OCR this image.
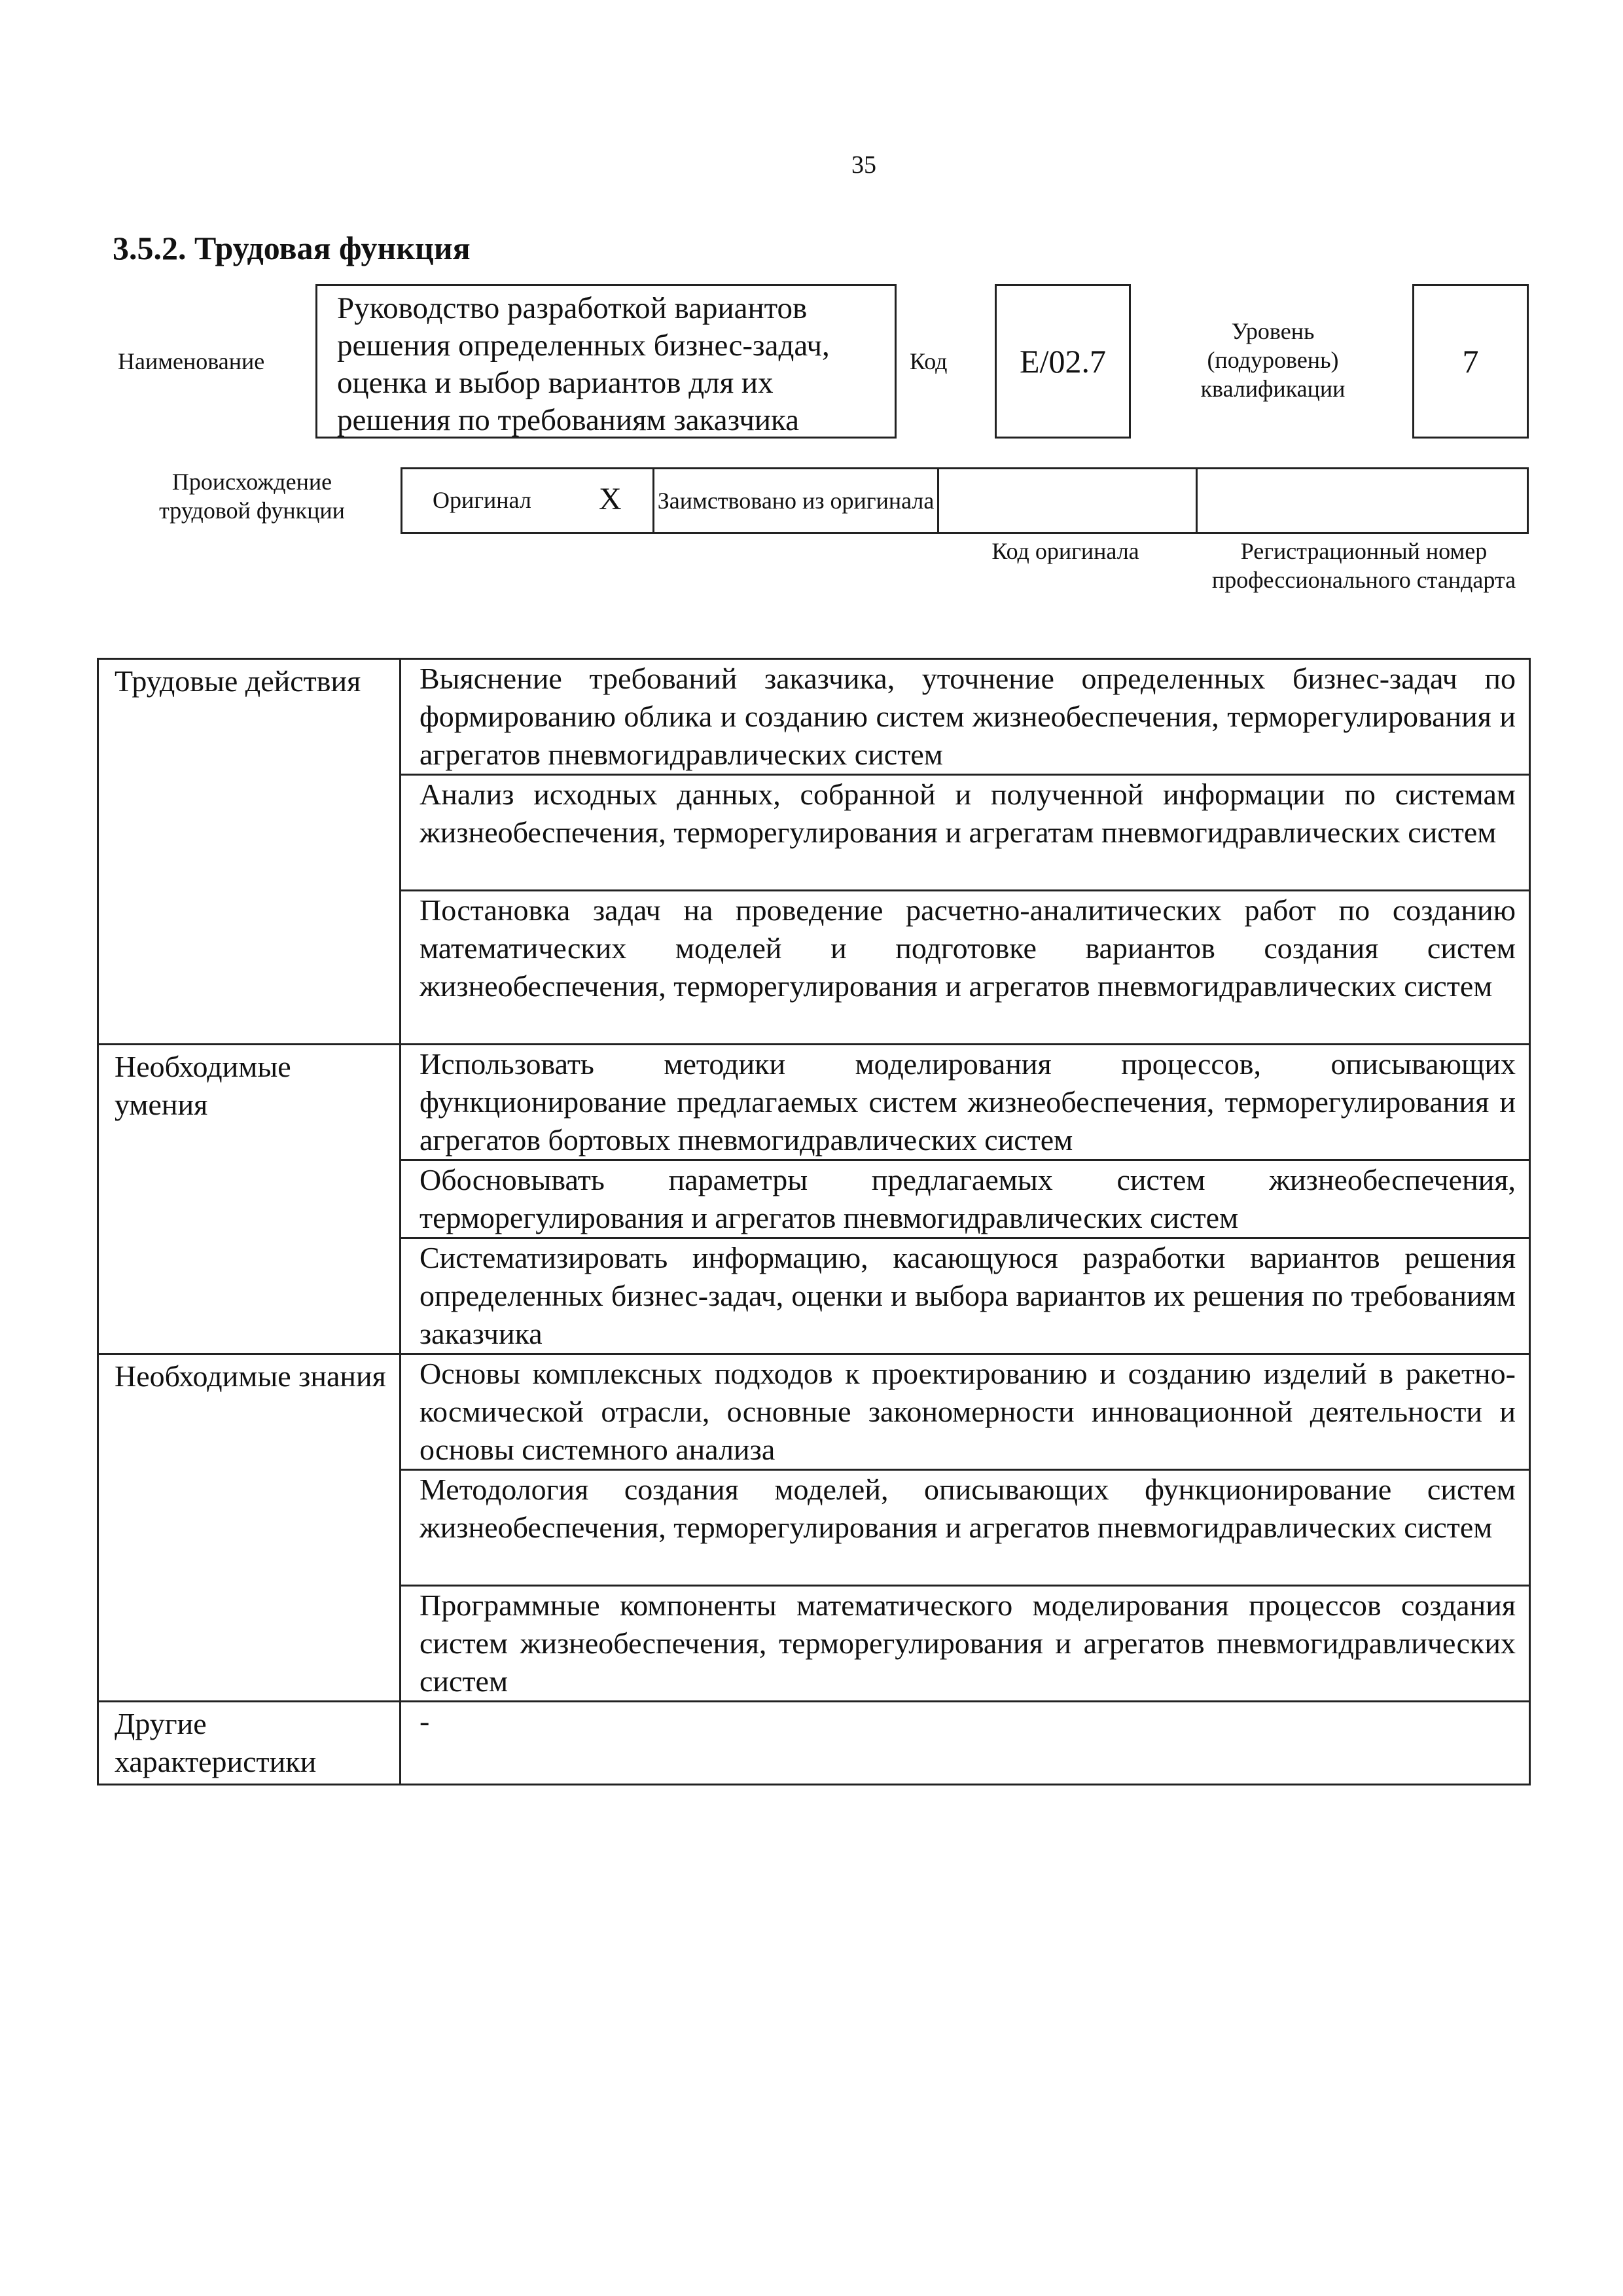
35
3.5.2. Трудовая функция
Наименование
Руководство разработкой вариантов решения определенных бизнес-задач, оценка и выбор вариантов для их решения по требованиям заказчика
Код	E/02.7
Уровень
(подуровень)
квалификации
7
Происхождение
трудовой функции	Оригинал X	Заимствовано из оригинала		
Код оригинала	Регистрационный номер профессионального стандарта
Трудовые действия	Выяснение требований заказчика, уточнение определенных бизнес-задач по формированию облика и созданию систем жизнеобеспечения, терморегулирования и агрегатов пневмогидравлических систем
	Анализ исходных данных, собранной и полученной информации по системам жизнеобеспечения, терморегулирования и агрегатам пневмогидравлических систем
	Постановка задач на проведение расчетно-аналитических работ по созданию математических моделей и подготовке вариантов создания систем жизнеобеспечения, терморегулирования и агрегатов пневмогидравлических систем
Необходимые умения	Использовать методики моделирования процессов, описывающих функционирование предлагаемых систем жизнеобеспечения, терморегулирования и агрегатов бортовых пневмогидравлических систем
	Обосновывать параметры предлагаемых систем жизнеобеспечения, терморегулирования и агрегатов пневмогидравлических систем
	Систематизировать информацию, касающуюся разработки вариантов решения определенных бизнес-задач, оценки и выбора вариантов их решения по требованиям заказчика
Необходимые знания	Основы комплексных подходов к проектированию и созданию изделий в ракетно-космической отрасли, основные закономерности инновационной деятельности и основы системного анализа
	Методология создания моделей, описывающих функционирование систем жизнеобеспечения, терморегулирования и агрегатов пневмогидравлических систем
	Программные компоненты математического моделирования процессов создания систем жизнеобеспечения, терморегулирования и агрегатов пневмогидравлических систем
Другие характеристики	-
